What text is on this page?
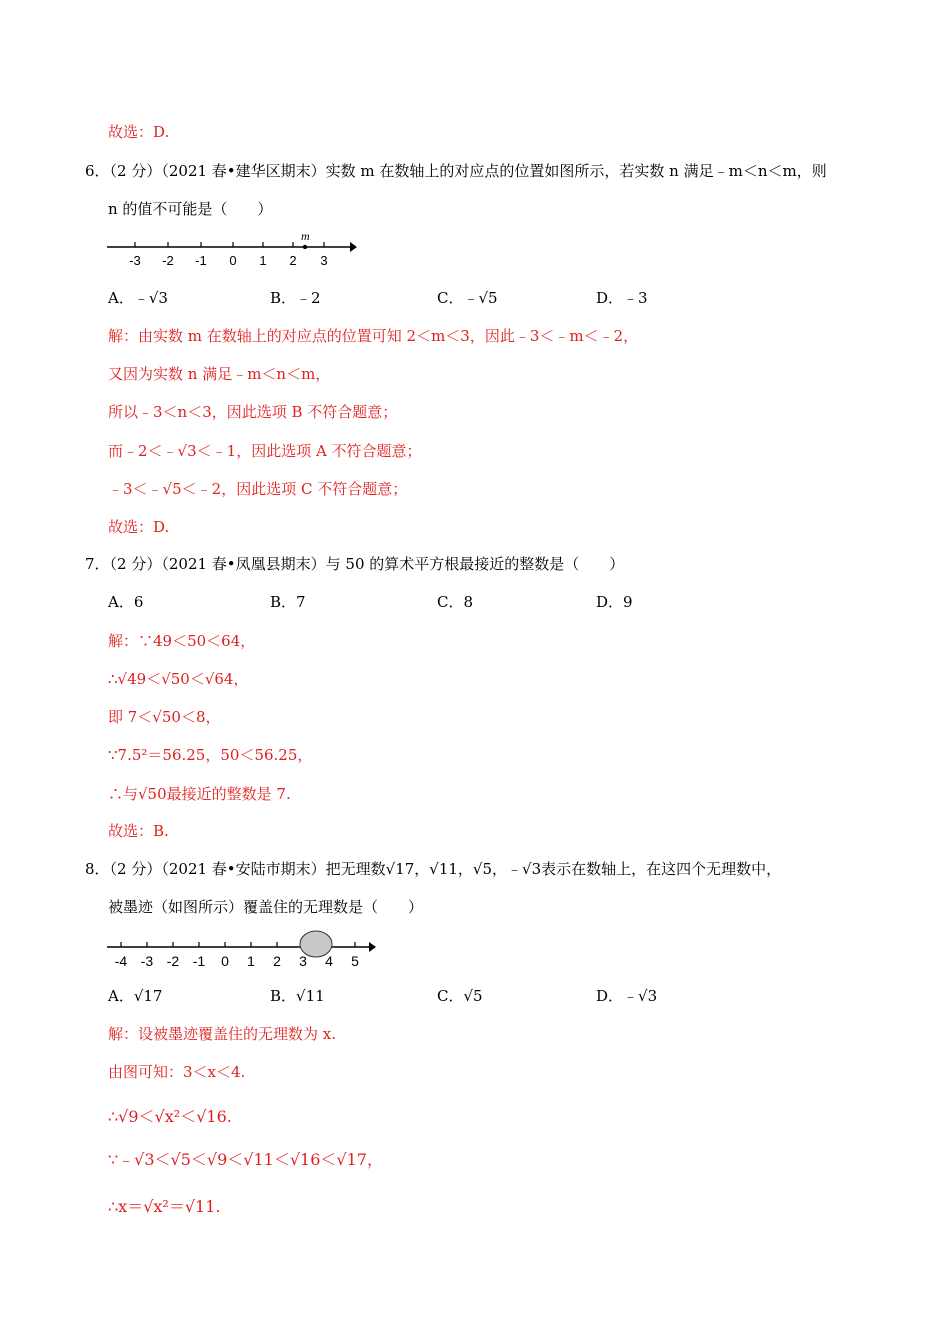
故选：D.
6．（2 分）（2021 春•建华区期末）实数 m 在数轴上的对应点的位置如图所示，若实数 n 满足﹣m＜n＜m，则
n 的值不可能是（　　）
m
-3 -2 -1 0 1 2 3
A．﹣√3	B．﹣2	C．﹣√5	D．﹣3
解：由实数 m 在数轴上的对应点的位置可知 2＜m＜3，因此﹣3＜﹣m＜﹣2，
又因为实数 n 满足﹣m＜n＜m，
所以﹣3＜n＜3，因此选项 B 不符合题意；
而﹣2＜﹣√3＜﹣1，因此选项 A 不符合题意；
﹣3＜﹣√5＜﹣2，因此选项 C 不符合题意；
故选：D.
7．（2 分）（2021 春•凤凰县期末）与 50 的算术平方根最接近的整数是（　　）
A．6	B．7	C．8	D．9
解：∵49＜50＜64，
∴√49＜√50＜√64，
即 7＜√50＜8，
∵7.5²＝56.25，50＜56.25，
∴与√50最接近的整数是 7.
故选：B.
8．（2 分）（2021 春•安陆市期末）把无理数√17，√11，√5，﹣√3表示在数轴上，在这四个无理数中，
被墨迹（如图所示）覆盖住的无理数是（　　）
-4 -3 -2 -1 0 1 2 3 4 5
A．√17	B．√11	C．√5	D．﹣√3
解：设被墨迹覆盖住的无理数为 x.
由图可知：3＜x＜4.
∴√9＜√x²＜√16.
∵﹣√3＜√5＜√9＜√11＜√16＜√17，
∴x＝√x²＝√11.
